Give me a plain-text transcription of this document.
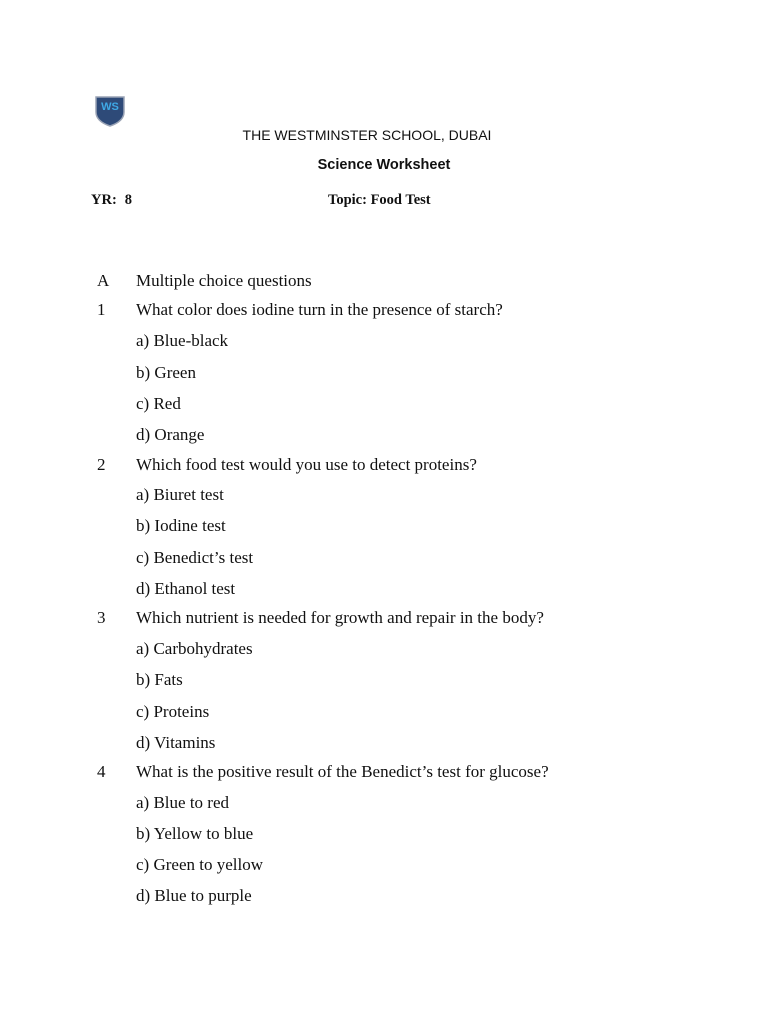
WS
THE WESTMINSTER SCHOOL, DUBAI
Science Worksheet
YR: 8	Topic: Food Test
A Multiple choice questions
1 What color does iodine turn in the presence of starch?
a) Blue-black
b) Green
c) Red
d) Orange
2 Which food test would you use to detect proteins?
a) Biuret test
b) Iodine test
c) Benedict’s test
d) Ethanol test
3 Which nutrient is needed for growth and repair in the body?
a) Carbohydrates
b) Fats
c) Proteins
d) Vitamins
4 What is the positive result of the Benedict’s test for glucose?
a) Blue to red
b) Yellow to blue
c) Green to yellow
d) Blue to purple
